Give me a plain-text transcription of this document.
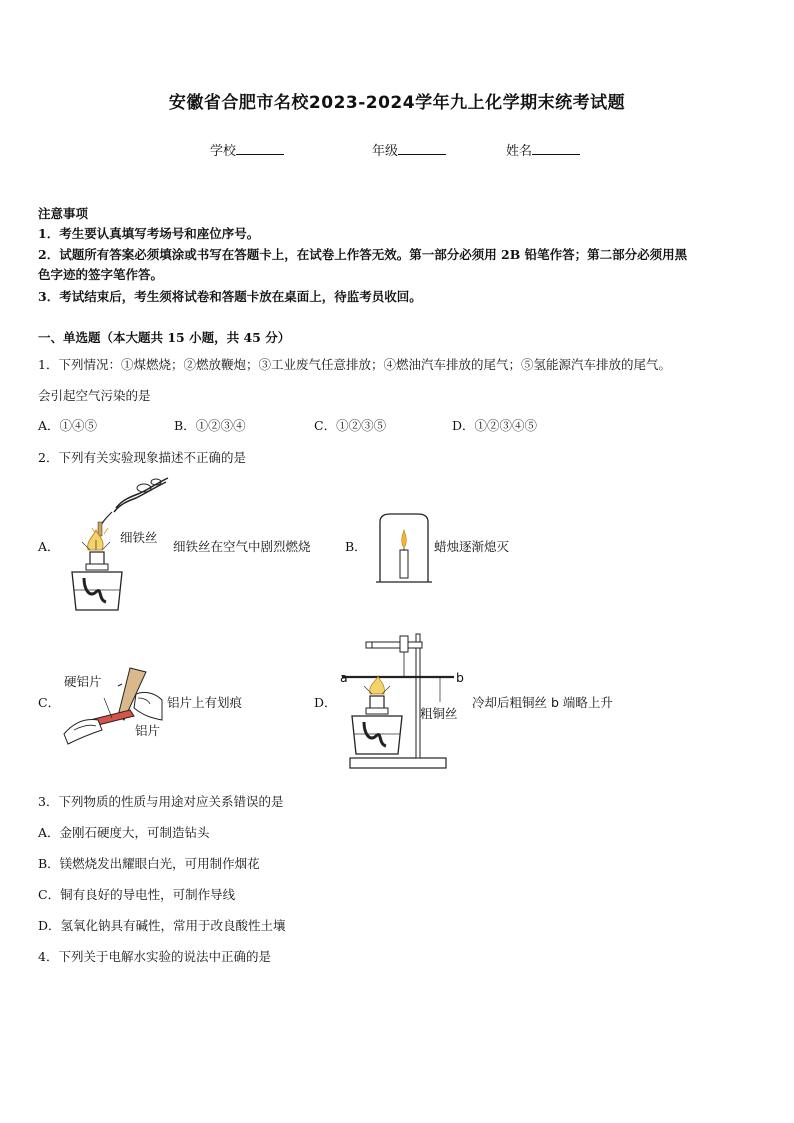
安徽省合肥市名校2023-2024学年九上化学期末统考试题
学校	年级	姓名
注意事项
1．考生要认真填写考场号和座位序号。
2．试题所有答案必须填涂或书写在答题卡上，在试卷上作答无效。第一部分必须用 2B 铅笔作答；第二部分必须用黑
色字迹的签字笔作答。
3．考试结束后，考生须将试卷和答题卡放在桌面上，待监考员收回。
一、单选题（本大题共 15 小题，共 45 分）
1．下列情况：①煤燃烧；②燃放鞭炮；③工业废气任意排放；④燃油汽车排放的尾气；⑤氢能源汽车排放的尾气。
会引起空气污染的是
A．①④⑤	B．①②③④	C．①②③⑤	D．①②③④⑤
2．下列有关实验现象描述不正确的是
A．
细铁丝
细铁丝在空气中剧烈燃烧	B．	蜡烛逐渐熄灭
C．
硬铝片
铝片
铝片上有划痕	D．
a	b
粗铜丝
冷却后粗铜丝 b 端略上升
3．下列物质的性质与用途对应关系错误的是
A．金刚石硬度大，可制造钻头
B．镁燃烧发出耀眼白光，可用制作烟花
C．铜有良好的导电性，可制作导线
D．氢氧化钠具有碱性，常用于改良酸性土壤
4．下列关于电解水实验的说法中正确的是
